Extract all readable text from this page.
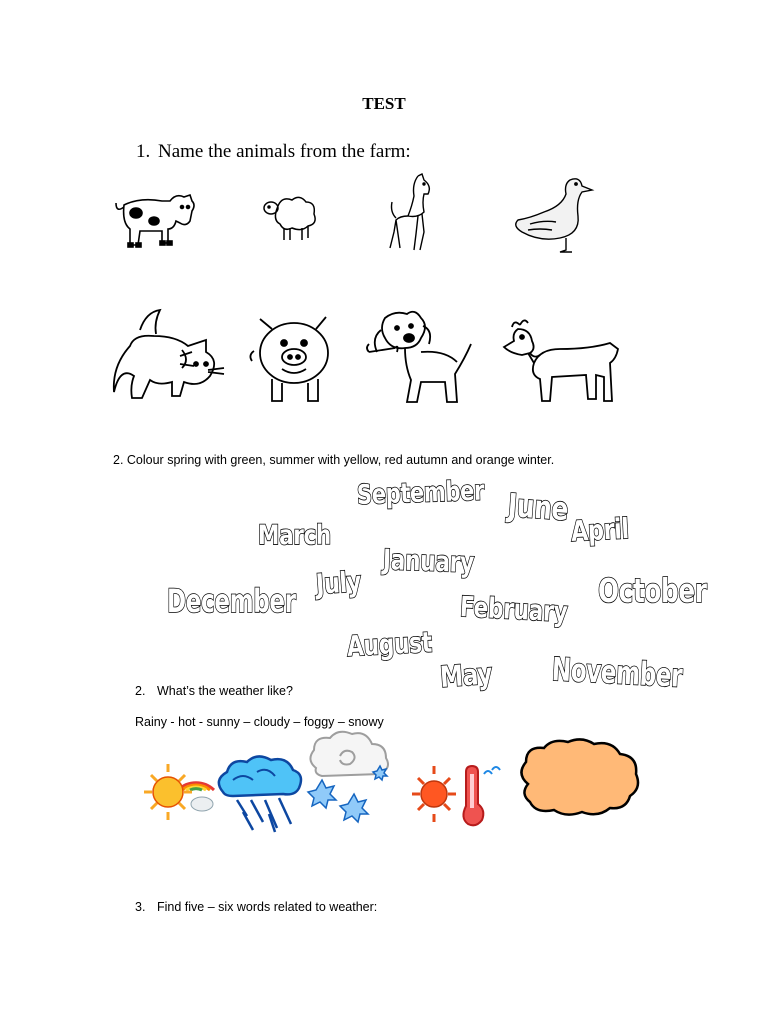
TEST
1. Name the animals from the farm:
2. Colour spring with green, summer with yellow, red autumn and orange winter.
September June
March	April
January
July
December	February October
August
May November
2. What’s the weather like?
Rainy - hot - sunny – cloudy – foggy – snowy
3. Find five – six words related to weather:
